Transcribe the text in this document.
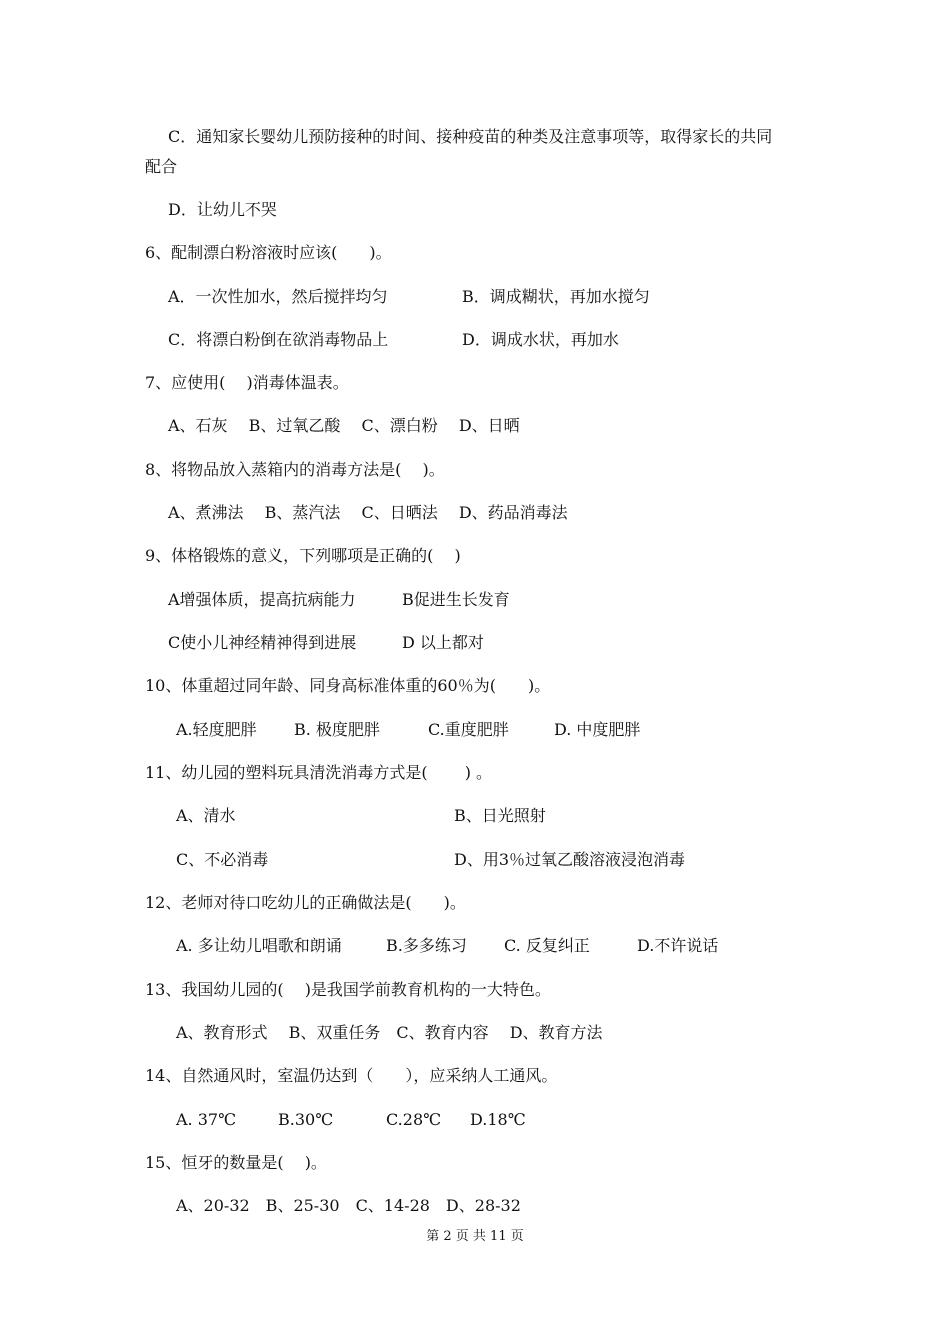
C．通知家长婴幼儿预防接种的时间、接种疫苗的种类及注意事项等，取得家长的共同
配合
D．让幼儿不哭
6、配制漂白粉溶液时应该(　　)。
A．一次性加水，然后搅拌均匀	B．调成糊状，再加水搅匀
C．将漂白粉倒在欲消毒物品上	D．调成水状，再加水
7、应使用(　 )消毒体温表。
A、石灰　 B、过氧乙酸　 C、漂白粉　 D、日晒
8、将物品放入蒸箱内的消毒方法是(　 )。
A、煮沸法　 B、蒸汽法　 C、日晒法　 D、药品消毒法
9、体格锻炼的意义，下列哪项是正确的(　 )
A增强体质，提高抗病能力	B促进生长发育
C使小儿神经精神得到进展	D 以上都对
10、体重超过同年龄、同身高标准体重的60％为(　　)。
A.轻度肥胖 B. 极度肥胖	C.重度肥胖	D. 中度肥胖
11、幼儿园的塑料玩具清洗消毒方式是(　　 ) 。
A、清水	B、日光照射
C、不必消毒	D、用3％过氧乙酸溶液浸泡消毒
12、老师对待口吃幼儿的正确做法是(　　)。
A. 多让幼儿唱歌和朗诵	B.多多练习 C. 反复纠正	D.不许说话
13、我国幼儿园的(　 )是我国学前教育机构的一大特色。
A、教育形式　 B、双重任务　C、教育内容　 D、教育方法
14、自然通风时，室温仍达到（　　），应采纳人工通风。
A. 37℃	B.30℃	C.28℃ D.18℃
15、恒牙的数量是(　 )。
A、20-32　B、25-30　C、14-28　D、28-32
第 2 页 共 11 页
